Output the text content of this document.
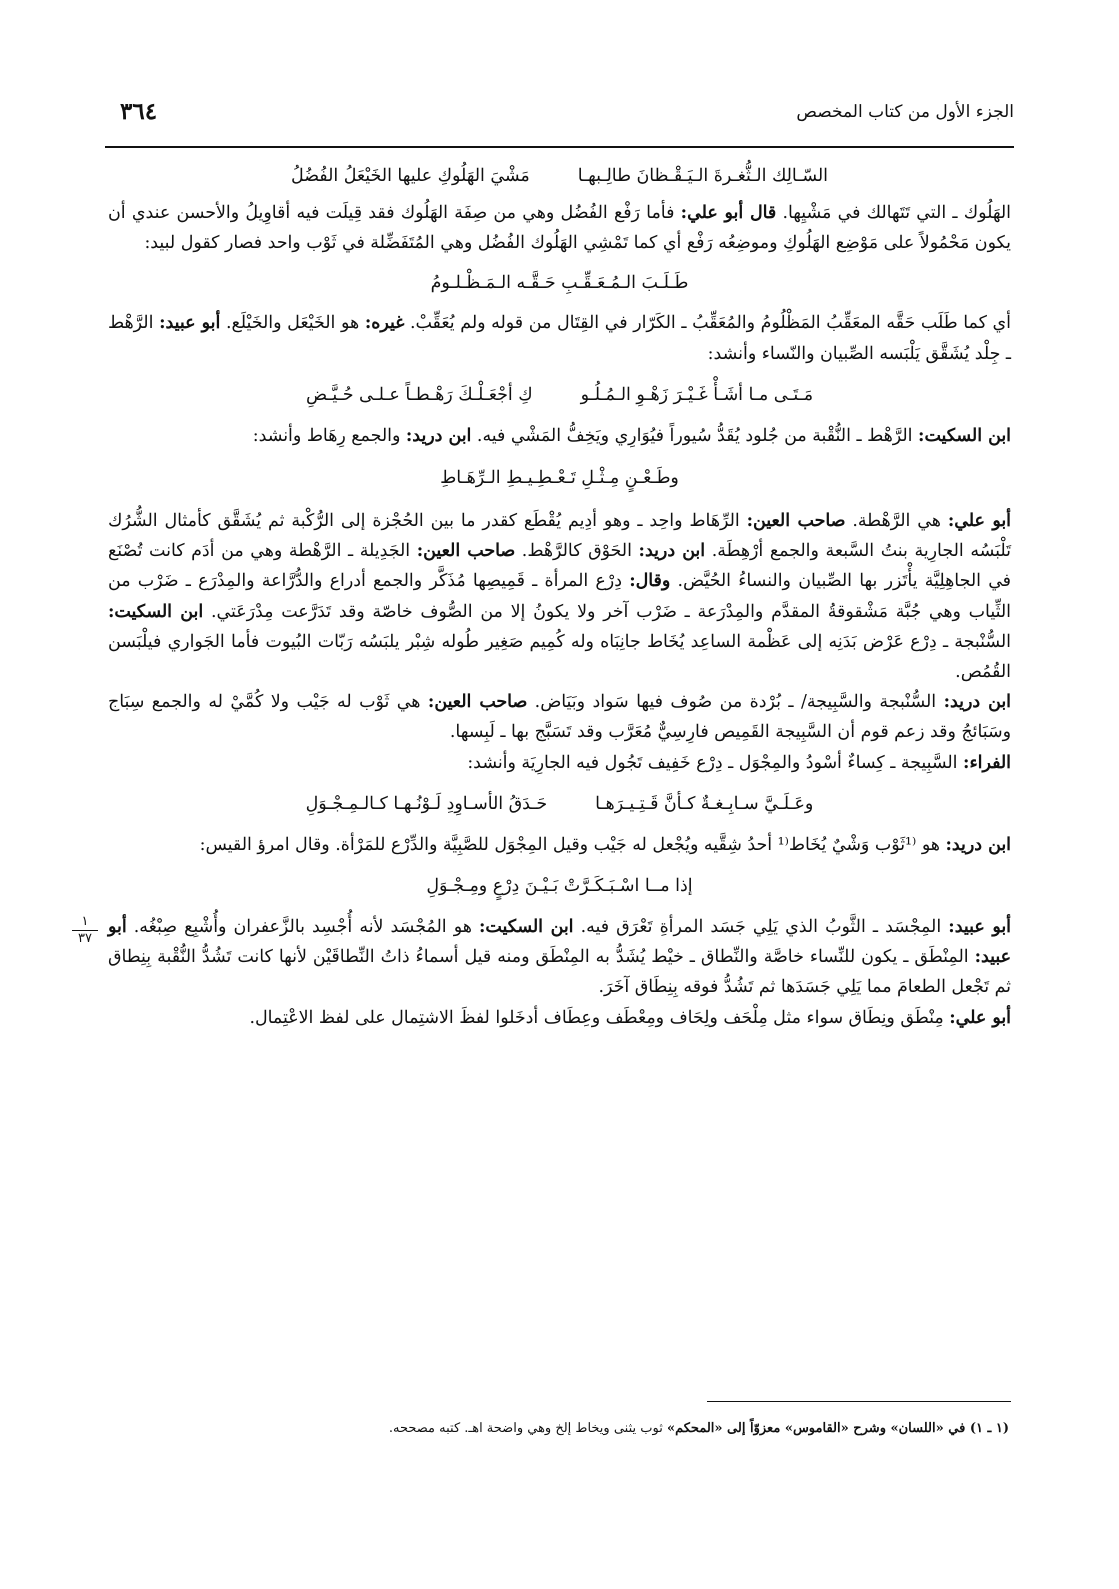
الجزء الأول من كتاب المخصص
٣٦٤
١
٣٧

السّـالِك الـثُّغـرةَ الـيَـقْـظانَ طالِـبهـامَشْيَ الهَلُوكِ عليها الخَيْعَلُ الفُضُلُ

الهَلُوك ـ التي تَتَهالك في مَشْيِها. قال أبو علي: فأما رَفْع الفُضُل وهي من صِفَة الهَلُوك فقد قِيلَت فيه أقاوِيلُ والأحسن عندي أن يكون مَحْمُولاً على مَوْضِع الهَلُوكِ وموضِعُه رَفْع أي كما تَمْشِي الهَلُوك الفُضُل وهي المُتَفَضِّلة في ثَوْب واحد فصار كقول لبيد:

طَـلَـبَ الـمُـعَـقِّـبِ حَـقَّـه الـمَـظْـلـومُ

أي كما طَلَب حَقَّه المعَقِّبُ المَظْلُومُ والمُعَقِّبُ ـ الكَرّار في القِتَال من قوله ولم يُعَقِّبْ. غيره: هو الخَيْعَل والخَيْلَع. أبو عبيد: الرَّهْط ـ جِلْد يُشَقَّق يَلْبَسه الصِّبيان والنّساء وأنشد:

مَـتَـى مـا أشَـأْ غَـيْـرَ زَهْـوِ الـمُـلُـوكِ أجْعَـلْـكَ رَهْـطـاً عـلـى حُـيَّـضِ

ابن السكيت: الرَّهْط ـ النُّقْبة من جُلود يُقَدُّ سُيوراً فيُوَارِي ويَخِفُّ المَشْي فيه. ابن دريد: والجمع رِهَاط وأنشد:

وطَـعْـنٍ مِـثْـلِ تَـعْـطِـيـطِ الـرِّهَـاطِ

أبو علي: هي الرَّهْطة. صاحب العين: الرِّهَاط واحِد ـ وهو أدِيم يُقْطَع كقدر ما بين الحُجْزة إلى الرُّكْبة ثم يُشَقَّق كأمثال الشُّرُك تَلْبَسُه الجارِية بنتُ السَّبعة والجمع أرْهِطَة. ابن دريد: الحَوْق كالرَّهْط. صاحب العين: الجَدِيلة ـ الرَّهْطة وهي من أدَم كانت تُصْنَع في الجاهِلِيَّة يأْتَزر بها الصِّبيان والنساءُ الحُيَّض. وقال: دِرْع المرأة ـ قَمِيصِها مُذَكَّر والجمع أدراع والدُّرَّاعة والمِدْرَع ـ ضَرْب من الثِّياب وهي جُبَّة مَشْقوقةُ المقدَّم والمِدْرَعة ـ ضَرْب آخر ولا يكونُ إلا من الصُّوف خاصّة وقد تَدَرَّعت مِدْرَعَتي. ابن السكيت: السُّنْبجة ـ دِرْع عَرْض بَدَنِه إلى عَظْمة الساعِد يُخَاط جانِبَاه وله كُمِيم صَغِير طُوله شِبْر يلبَسُه رَبّات البُيوت فأما الجَواري فيلْبَسن القُمُص.

ابن دريد: السُّنْبجة والسَّبِيجة/ ـ بُرْدة من صُوف فيها سَواد وبَيَاض. صاحب العين: هي ثَوْب له جَيْب ولا كُمَّيْ له والجمع سِبَاج وسَبَائجُ وقد زعم قوم أن السَّبِيجة القَمِيص فارِسِيٌّ مُعَرَّب وقد تَسَبَّج بها ـ لَبِسها.

الفراء: السَّبِيجة ـ كِساءٌ أسْودُ والمِجْوَل ـ دِرْع خَفِيف تَجُول فيه الجارِيَة وأنشد:

وعَـلَـيَّ سـابِـغـةٌ كـأنَّ قَـتِـيـرَهـاحَـدَقُ الأسـاوِدِ لَـوْنُـهـا كـالـمِـجْـوَلِ

ابن دريد: هو ⁽¹ثَوْب وَشْيٌ يُخَاط⁽¹ أحدُ شِقَّيه ويُجْعل له جَيْب وقيل المِجْوَل للصَّبِيَّة والدِّرْع للمَرْأة. وقال امرؤ القيس:

إذا مــا اسْـبَـكَـرَّتْ بَـيْـنَ دِرْعٍ ومِـجْـوَلِ

أبو عبيد: المِجْسَد ـ الثَّوبُ الذي يَلِي جَسَد المرأةِ تَعْرَق فيه. ابن السكيت: هو المُجْسَد لأنه أُجْسِد بالزَّعفران وأُشْبِع صِبْغُه. أبو عبيد: المِنْطَق ـ يكون للنِّساء خاصَّة والنِّطاق ـ خيْط يُشَدُّ به المِنْطَق ومنه قيل أسماءُ ذاتُ النِّطاقَيْن لأنها كانت تَشُدُّ النُّقْبة بِنِطاق ثم تَجْعل الطعامَ مما يَلِي جَسَدَها ثم تَشُدُّ فوقه بِنِطَاق آخَرَ.

أبو علي: مِنْطَق ونِطَاق سواء مثل مِلْحَف ولِحَاف ومِعْطَف وعِطَاف أدخَلوا لفظَ الاشتِمال على لفظ الاعْتِمال.

(١ ـ ١) في «اللسان» وشرح «القاموس» معزوّاً إلى «المحكم» ثوب يثنى ويخاط إلخ وهي واضحة اهـ. كتبه مصححه.
